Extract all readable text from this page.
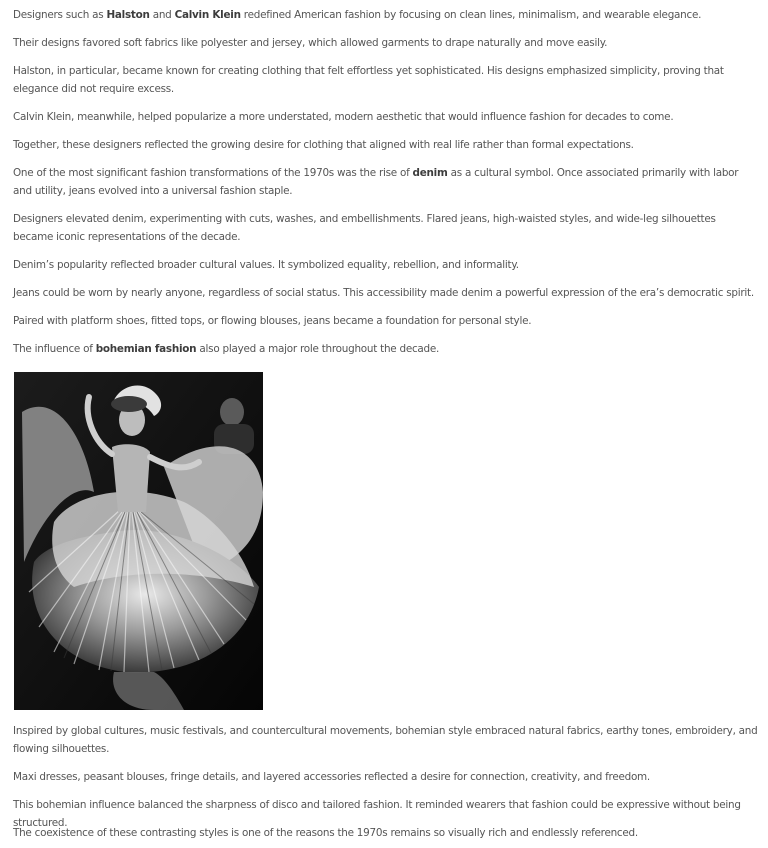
Designers such as Halston and Calvin Klein redefined American fashion by focusing on clean lines, minimalism, and wearable elegance.

Their designs favored soft fabrics like polyester and jersey, which allowed garments to drape naturally and move easily.

Halston, in particular, became known for creating clothing that felt effortless yet sophisticated. His designs emphasized simplicity, proving that elegance did not require excess.

Calvin Klein, meanwhile, helped popularize a more understated, modern aesthetic that would influence fashion for decades to come.

Together, these designers reflected the growing desire for clothing that aligned with real life rather than formal expectations.

One of the most significant fashion transformations of the 1970s was the rise of denim as a cultural symbol. Once associated primarily with labor and utility, jeans evolved into a universal fashion staple.

Designers elevated denim, experimenting with cuts, washes, and embellishments. Flared jeans, high-waisted styles, and wide-leg silhouettes became iconic representations of the decade.

Denim’s popularity reflected broader cultural values. It symbolized equality, rebellion, and informality.

Jeans could be worn by nearly anyone, regardless of social status. This accessibility made denim a powerful expression of the era’s democratic spirit.

Paired with platform shoes, fitted tops, or flowing blouses, jeans became a foundation for personal style.

The influence of bohemian fashion also played a major role throughout the decade.

Inspired by global cultures, music festivals, and countercultural movements, bohemian style embraced natural fabrics, earthy tones, embroidery, and flowing silhouettes.

Maxi dresses, peasant blouses, fringe details, and layered accessories reflected a desire for connection, creativity, and freedom.

This bohemian influence balanced the sharpness of disco and tailored fashion. It reminded wearers that fashion could be expressive without being structured.

The coexistence of these contrasting styles is one of the reasons the 1970s remains so visually rich and endlessly referenced.
